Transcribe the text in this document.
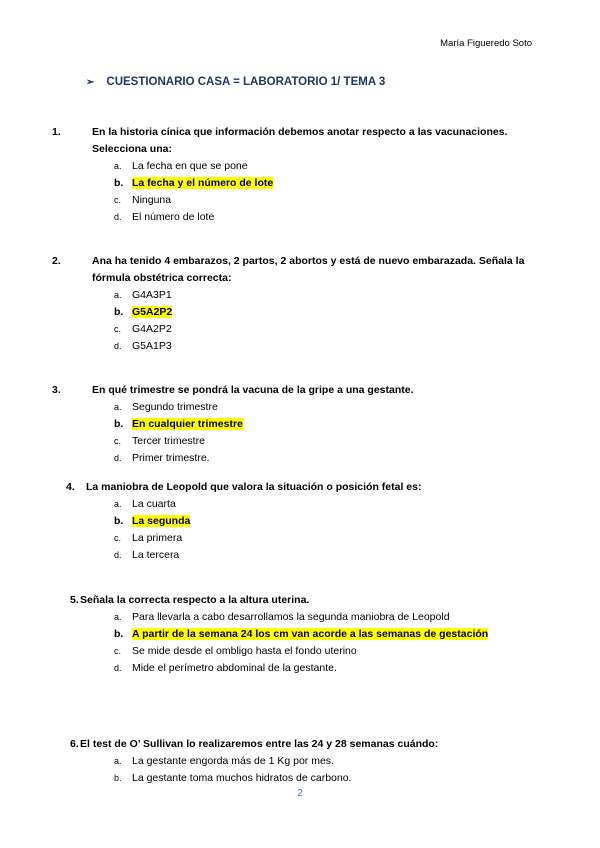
María Figueredo Soto
➢ CUESTIONARIO CASA = LABORATORIO 1/ TEMA 3
1.	En la historia cínica que información debemos anotar respecto a las vacunaciones. Selecciona una:
a. La fecha en que se pone
b. La fecha y el número de lote
c. Ninguna
d. El número de lote
2.	Ana ha tenido 4 embarazos, 2 partos, 2 abortos y está de nuevo embarazada. Señala la fórmula obstétrica correcta:
a. G4A3P1
b. G5A2P2
c. G4A2P2
d. G5A1P3
3.	En qué trimestre se pondrá la vacuna de la gripe a una gestante.
a. Segundo trimestre
b. En cualquier trimestre
c. Tercer trimestre
d. Primer trimestre.
4. La maniobra de Leopold que valora la situación o posición fetal es:
a. La cuarta
b. La segunda
c. La primera
d. La tercera
5.Señala la correcta respecto a la altura uterina.
a. Para llevarla a cabo desarrollamos la segunda maniobra de Leopold
b. A partir de la semana 24 los cm van acorde a las semanas de gestación
c. Se mide desde el ombligo hasta el fondo uterino
d. Mide el perímetro abdominal de la gestante.
6.El test de O’ Sullivan lo realizaremos entre las 24 y 28 semanas cuándo:
a. La gestante engorda más de 1 Kg por mes.
b. La gestante toma muchos hidratos de carbono.
2
